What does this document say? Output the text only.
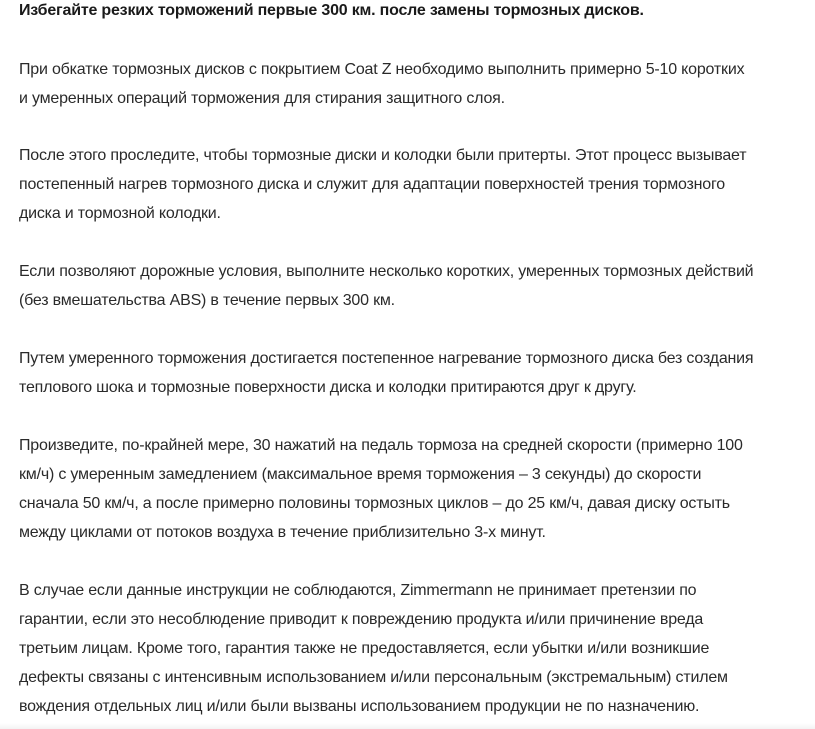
Избегайте резких торможений первые 300 км. после замены тормозных дисков.

При обкатке тормозных дисков с покрытием Coat Z необходимо выполнить примерно 5-10 коротких
и умеренных операций торможения для стирания защитного слоя.
После этого проследите, чтобы тормозные диски и колодки были притерты. Этот процесс вызывает
постепенный нагрев тормозного диска и служит для адаптации поверхностей трения тормозного
диска и тормозной колодки.
Если позволяют дорожные условия, выполните несколько коротких, умеренных тормозных действий
(без вмешательства ABS) в течение первых 300 км.
Путем умеренного торможения достигается постепенное нагревание тормозного диска без создания
теплового шока и тормозные поверхности диска и колодки притираются друг к другу.
Произведите, по-крайней мере, 30 нажатий на педаль тормоза на средней скорости (примерно 100
км/ч) с умеренным замедлением (максимальное время торможения – 3 секунды) до скорости
сначала 50 км/ч, а после примерно половины тормозных циклов – до 25 км/ч, давая диску остыть
между циклами от потоков воздуха в течение приблизительно 3-х минут.
В случае если данные инструкции не соблюдаются, Zimmermann не принимает претензии по
гарантии, если это несоблюдение приводит к повреждению продукта и/или причинение вреда
третьим лицам. Кроме того, гарантия также не предоставляется, если убытки и/или возникшие
дефекты связаны с интенсивным использованием и/или персональным (экстремальным) стилем
вождения отдельных лиц и/или были вызваны использованием продукции не по назначению.
